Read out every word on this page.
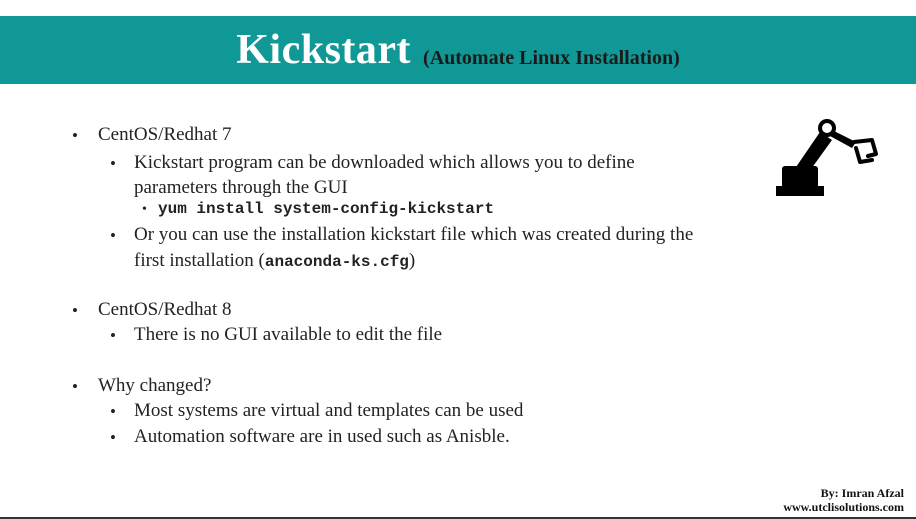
Kickstart (Automate Linux Installation)
• CentOS/Redhat 7
• Kickstart program can be downloaded which allows you to define
parameters through the GUI
• yum install system-config-kickstart
• Or you can use the installation kickstart file which was created during the
first installation (anaconda-ks.cfg)
• CentOS/Redhat 8
• There is no GUI available to edit the file
• Why changed?
• Most systems are virtual and templates can be used
• Automation software are in used such as Anisble.
By: Imran Afzal
www.utclisolutions.com
